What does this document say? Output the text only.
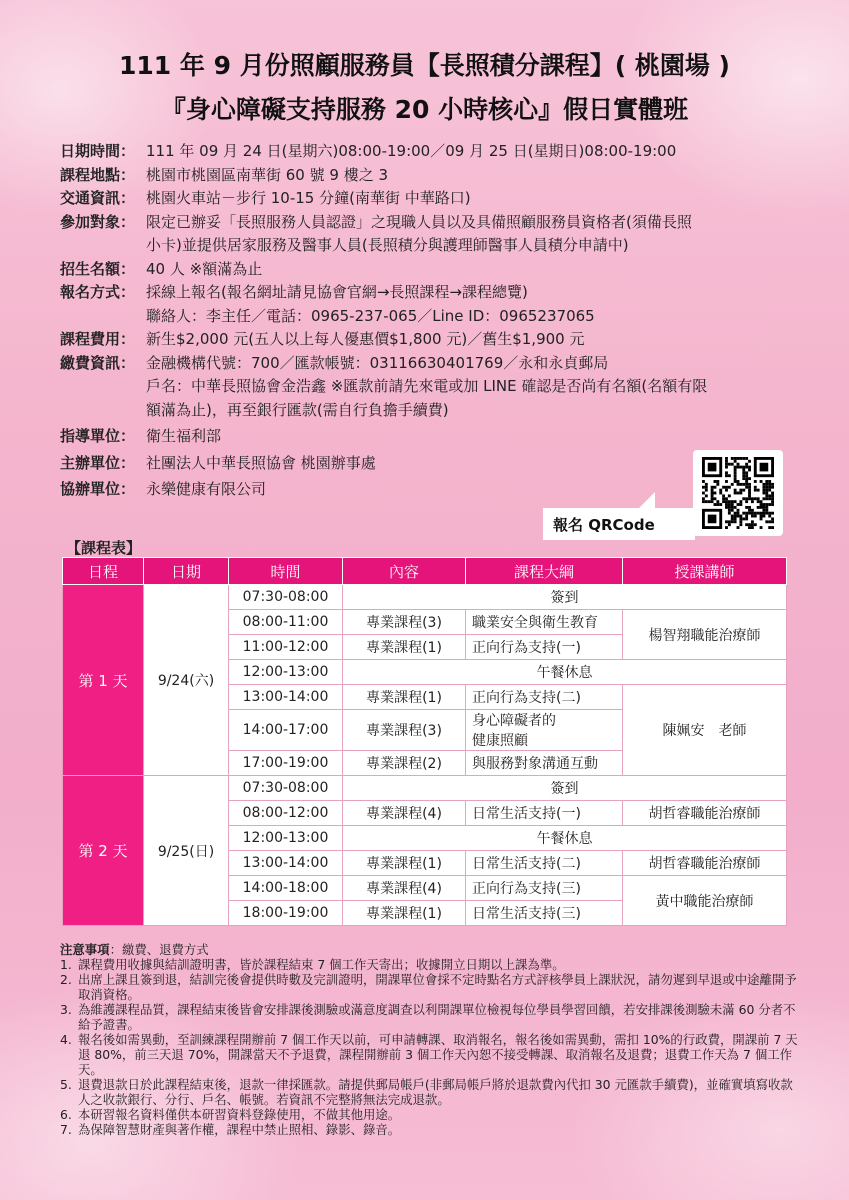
111 年 9 月份照顧服務員【長照積分課程】( 桃園場 )
『身心障礙支持服務 20 小時核心』假日實體班
日期時間： 111 年 09 月 24 日(星期六)08:00-19:00／09 月 25 日(星期日)08:00-19:00
課程地點： 桃園市桃園區南華街 60 號 9 樓之 3
交通資訊： 桃園火車站－步行 10-15 分鐘(南華街 中華路口)
參加對象： 限定已辦妥「長照服務人員認證」之現職人員以及具備照顧服務員資格者(須備長照
小卡)並提供居家服務及醫事人員(長照積分與護理師醫事人員積分申請中)
招生名額： 40 人 ※額滿為止
報名方式： 採線上報名(報名網址請見協會官網→長照課程→課程總覽)
聯絡人：李主任／電話：0965-237-065／Line ID：0965237065
課程費用： 新生$2,000 元(五人以上每人優惠價$1,800 元)／舊生$1,900 元
繳費資訊： 金融機構代號：700／匯款帳號：03116630401769／永和永貞郵局
戶名：中華長照協會金浩鑫 ※匯款前請先來電或加 LINE 確認是否尚有名額(名額有限
額滿為止)，再至銀行匯款(需自行負擔手續費)
指導單位： 衛生福利部
主辦單位： 社團法人中華長照協會 桃園辦事處
協辦單位： 永樂健康有限公司
報名 QRCode
【課程表】
日程	日期	時間	內容	課程大綱	授課講師
第 1 天	9/24(六)	07:30-08:00	簽到		
		08:00-11:00	專業課程(3)	職業安全與衛生教育	楊智翔職能治療師
		11:00-12:00	專業課程(1)	正向行為支持(一)	
		12:00-13:00	午餐休息		
		13:00-14:00	專業課程(1)	正向行為支持(二)	陳姵安　老師
		14:00-17:00	專業課程(3)	身心障礙者的
健康照顧	

		17:00-19:00	專業課程(2)	與服務對象溝通互動	
第 2 天	9/25(日)	07:30-08:00	簽到		
		08:00-12:00	專業課程(4)	日常生活支持(一)	胡哲睿職能治療師
		12:00-13:00	午餐休息		
		13:00-14:00	專業課程(1)	日常生活支持(二)	胡哲睿職能治療師
		14:00-18:00	專業課程(4)	正向行為支持(三)	黃中職能治療師
		18:00-19:00	專業課程(1)	日常生活支持(三)	
注意事項：繳費、退費方式
1. 課程費用收據與結訓證明書，皆於課程結束 7 個工作天寄出；收據開立日期以上課為準。
2. 出席上課且簽到退，結訓完後會提供時數及完訓證明，開課單位會採不定時點名方式評核學員上課狀況，請勿遲到早退或中途離開予取消資格。
3. 為維護課程品質，課程結束後皆會安排課後測驗或滿意度調查以利開課單位檢視每位學員學習回饋，若安排課後測驗未滿 60 分者不給予證書。
4. 報名後如需異動，至訓練課程開辦前 7 個工作天以前，可申請轉課、取消報名，報名後如需異動，需扣 10%的行政費，開課前 7 天退 80%，前三天退 70%，開課當天不予退費，課程開辦前 3 個工作天內恕不接受轉課、取消報名及退費；退費工作天為 7 個工作天。
5. 退費退款日於此課程結束後，退款一律採匯款。請提供郵局帳戶(非郵局帳戶將於退款費內代扣 30 元匯款手續費)，並確實填寫收款人之收款銀行、分行、戶名、帳號。若資訊不完整將無法完成退款。
6. 本研習報名資料僅供本研習資料登錄使用，不做其他用途。
7. 為保障智慧財產與著作權，課程中禁止照相、錄影、錄音。
